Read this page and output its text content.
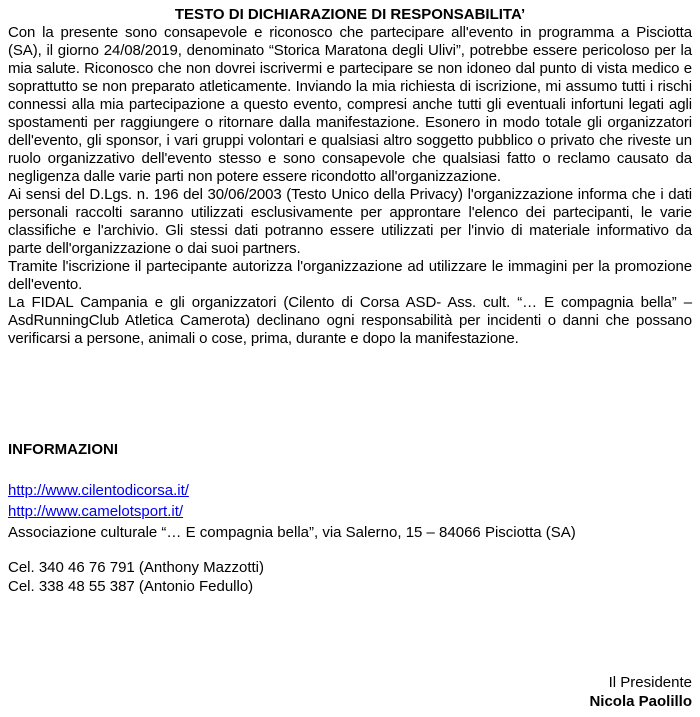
TESTO DI DICHIARAZIONE DI RESPONSABILITA’

Con la presente sono consapevole e riconosco che partecipare all'evento in programma a Pisciotta (SA), il giorno 24/08/2019, denominato “Storica Maratona degli Ulivi”, potrebbe essere pericoloso per la mia salute. Riconosco che non dovrei iscrivermi e partecipare se non idoneo dal punto di vista medico e soprattutto se non preparato atleticamente. Inviando la mia richiesta di iscrizione, mi assumo tutti i rischi connessi alla mia partecipazione a questo evento, compresi anche tutti gli eventuali infortuni legati agli spostamenti per raggiungere o ritornare dalla manifestazione. Esonero in modo totale gli organizzatori dell'evento, gli sponsor, i vari gruppi volontari e qualsiasi altro soggetto pubblico o privato che riveste un ruolo organizzativo dell'evento stesso e sono consapevole che qualsiasi fatto o reclamo causato da negligenza dalle varie parti non potere essere ricondotto all'organizzazione.

Ai sensi del D.Lgs. n. 196 del 30/06/2003 (Testo Unico della Privacy) l'organizzazione informa che i dati personali raccolti saranno utilizzati esclusivamente per approntare l'elenco dei partecipanti, le varie classifiche e l'archivio. Gli stessi dati potranno essere utilizzati per l'invio di materiale informativo da parte dell'organizzazione o dai suoi partners.

Tramite l'iscrizione il partecipante autorizza l'organizzazione ad utilizzare le immagini per la promozione dell'evento.

La FIDAL Campania e gli organizzatori (Cilento di Corsa ASD- Ass. cult. “… E compagnia bella” – AsdRunningClub Atletica Camerota) declinano ogni responsabilità per incidenti o danni che possano verificarsi a persone, animali o cose, prima, durante e dopo la manifestazione.

INFORMAZIONI
http://www.cilentodicorsa.it/
http://www.camelotsport.it/
Associazione culturale “… E compagnia bella”, via Salerno, 15 – 84066 Pisciotta (SA)
Cel. 340 46 76 791 (Anthony Mazzotti)
Cel. 338 48 55 387 (Antonio Fedullo)
Il Presidente
Nicola Paolillo
